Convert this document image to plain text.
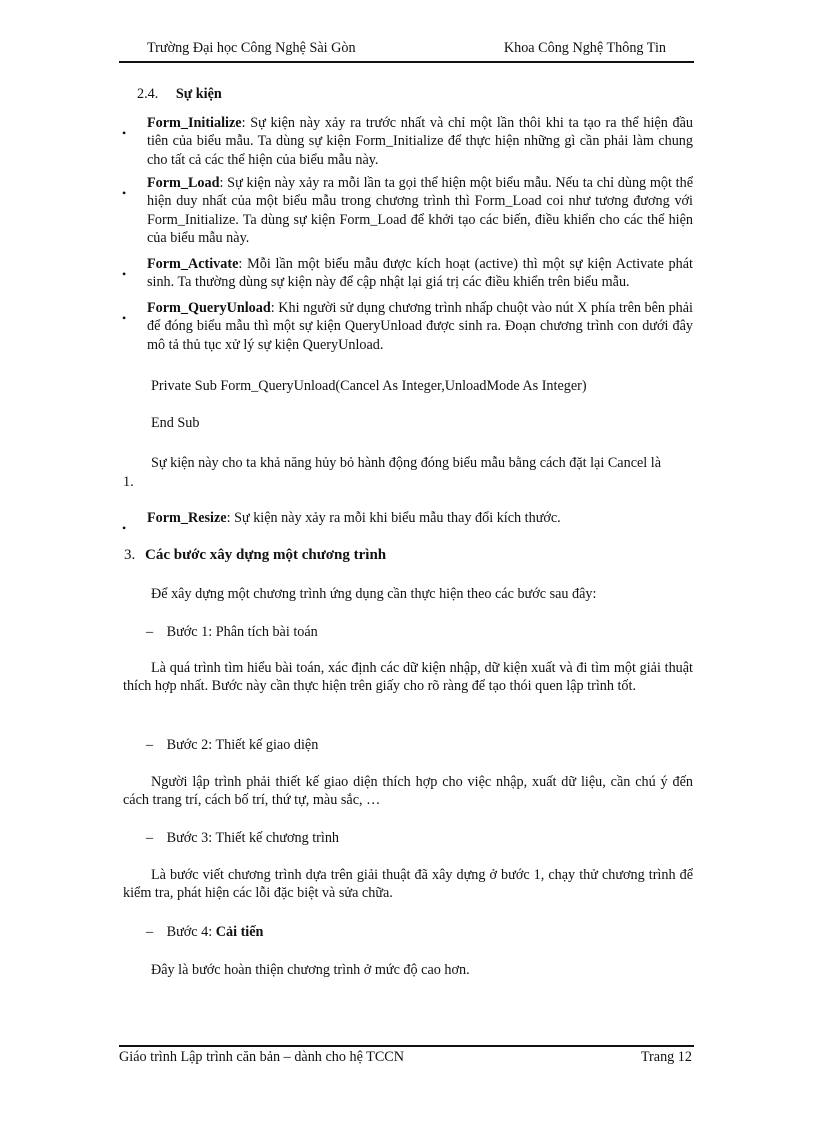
Trường Đại học Công Nghệ Sài Gòn	Khoa Công Nghệ Thông Tin
2.4. Sự kiện
•

Form_Initialize: Sự kiện này xảy ra trước nhất và chỉ một lần thôi khi ta tạo ra thể hiện đầu tiên của biểu mẫu. Ta dùng sự kiện Form_Initialize để thực hiện những gì cần phải làm chung cho tất cả các thể hiện của biểu mẫu này.

•

Form_Load: Sự kiện này xảy ra mỗi lần ta gọi thể hiện một biểu mẫu. Nếu ta chỉ dùng một thể hiện duy nhất của một biểu mẫu trong chương trình thì Form_Load coi như tương đương với Form_Initialize. Ta dùng sự kiện Form_Load để khởi tạo các biến, điều khiển cho các thể hiện của biểu mẫu này.

•

Form_Activate: Mỗi lần một biểu mẫu được kích hoạt (active) thì một sự kiện Activate phát sinh. Ta thường dùng sự kiện này để cập nhật lại giá trị các điều khiển trên biểu mẫu.

•

Form_QueryUnload: Khi người sử dụng chương trình nhấp chuột vào nút X phía trên bên phải để đóng biểu mẫu thì một sự kiện QueryUnload được sinh ra. Đoạn chương trình con dưới đây mô tả thủ tục xử lý sự kiện QueryUnload.

Private Sub Form_QueryUnload(Cancel As Integer,UnloadMode As Integer)
End Sub
Sự kiện này cho ta khả năng hủy bỏ hành động đóng biểu mẫu bằng cách đặt lại Cancel là
1.
•

Form_Resize: Sự kiện này xảy ra mỗi khi biểu mẫu thay đổi kích thước.

3. Các bước xây dựng một chương trình
Để xây dựng một chương trình ứng dụng cần thực hiện theo các bước sau đây:
– Bước 1: Phân tích bài toán

Là quá trình tìm hiểu bài toán, xác định các dữ kiện nhập, dữ kiện xuất và đi tìm một giải thuật thích hợp nhất. Bước này cần thực hiện trên giấy cho rõ ràng để tạo thói quen lập trình tốt.

– Bước 2: Thiết kế giao diện

Người lập trình phải thiết kế giao diện thích hợp cho việc nhập, xuất dữ liệu, cần chú ý đến cách trang trí, cách bố trí, thứ tự, màu sắc, …

– Bước 3: Thiết kế chương trình

Là bước viết chương trình dựa trên giải thuật đã xây dựng ở bước 1, chạy thử chương trình để kiểm tra, phát hiện các lỗi đặc biệt và sửa chữa.

– Bước 4: Cải tiến
Đây là bước hoàn thiện chương trình ở mức độ cao hơn.
Giáo trình Lập trình căn bản – dành cho hệ TCCN	Trang 12
